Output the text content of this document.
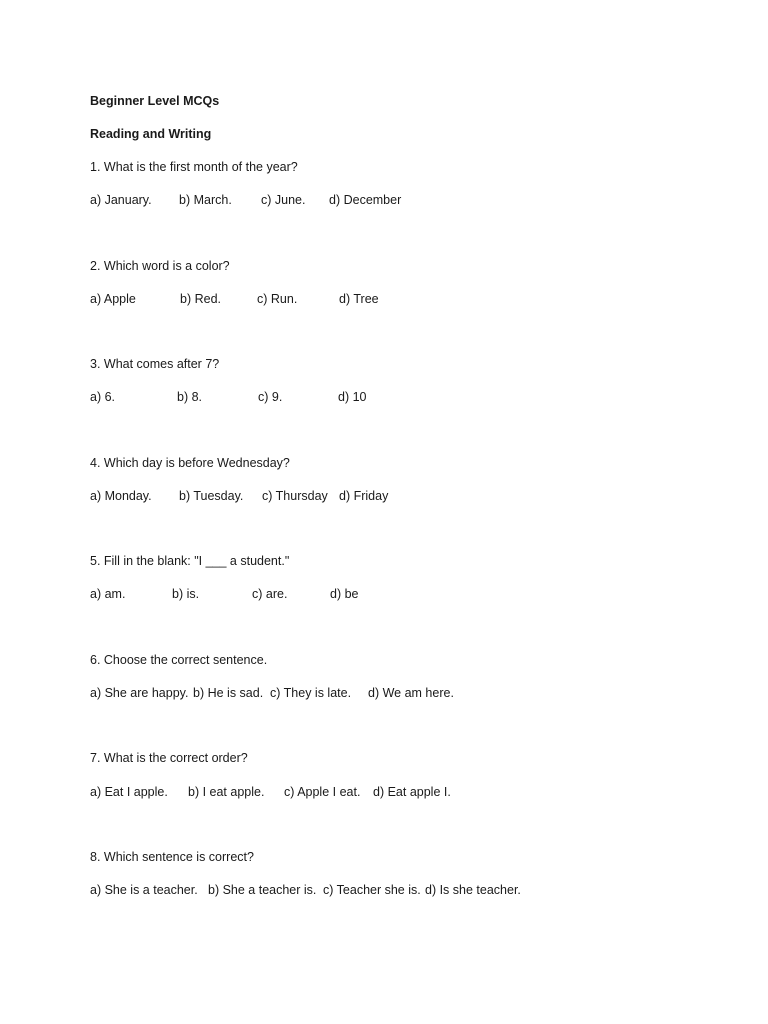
Beginner Level MCQs
Reading and Writing
1. What is the first month of the year?
a) January. b) March. c) June. d) December
2. Which word is a color?
a) Apple	b) Red.	c) Run.	d) Tree
3. What comes after 7?
a) 6.	b) 8.	c) 9.	d) 10
4. Which day is before Wednesday?
a) Monday. b) Tuesday. c) Thursday d) Friday
5. Fill in the blank: "I ___ a student."
a) am.	b) is.	c) are.	d) be
6. Choose the correct sentence.
a) She are happy. b) He is sad. c) They is late. d) We am here.
7. What is the correct order?
a) Eat I apple. b) I eat apple. c) Apple I eat. d) Eat apple I.
8. Which sentence is correct?
a) She is a teacher. b) She a teacher is. c) Teacher she is. d) Is she teacher.
